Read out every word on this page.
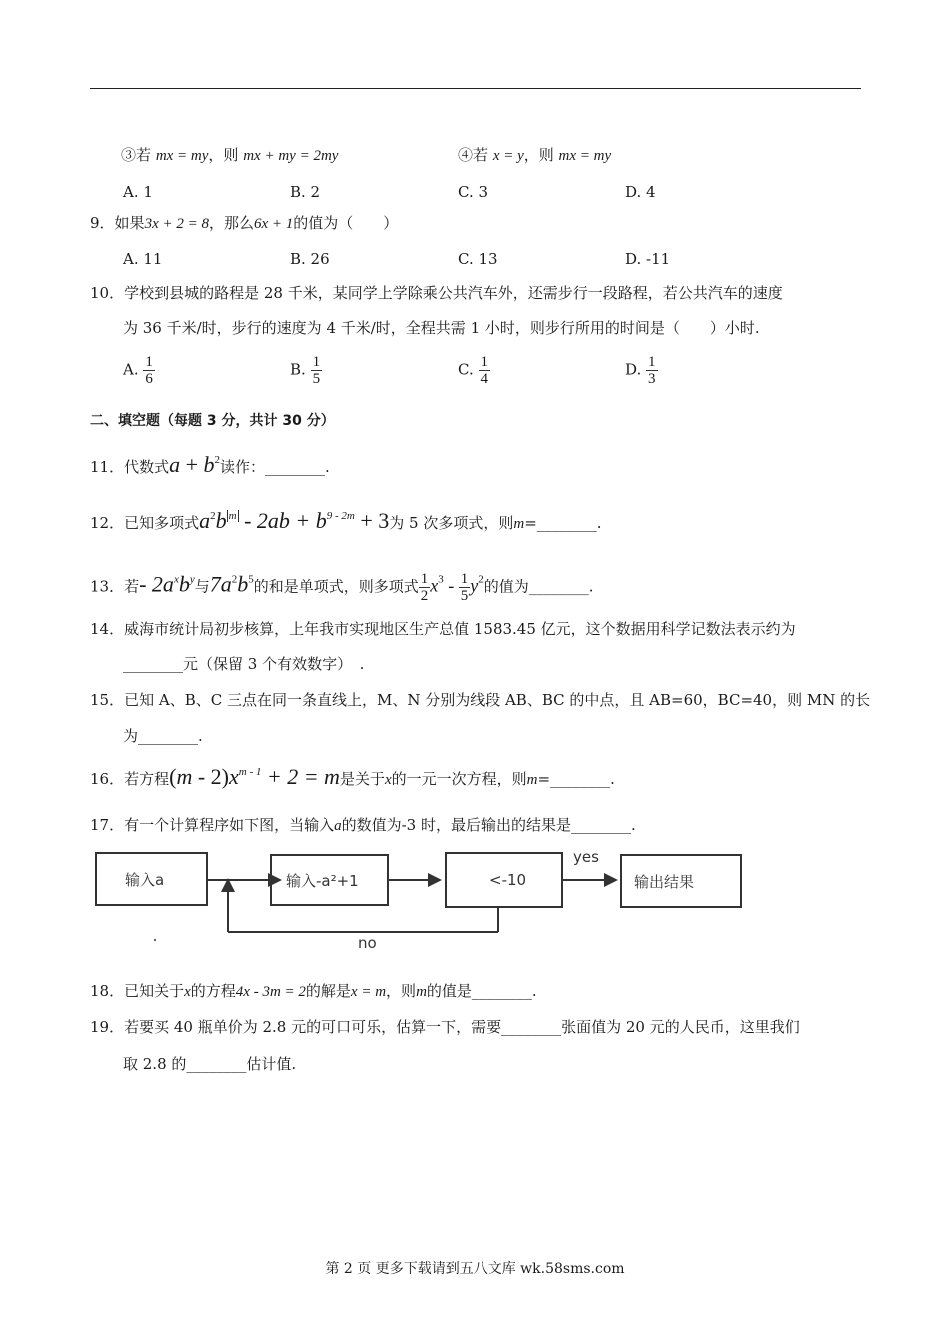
③若 mx = my，则 mx + my = 2my	④若 x = y，则 mx = my
A. 1	B. 2	C. 3	D. 4
9．如果3x + 2 = 8，那么6x + 1的值为（　　）
A. 11	B. 26	C. 13	D. -11
10．学校到县城的路程是 28 千米，某同学上学除乘公共汽车外，还需步行一段路程，若公共汽车的速度
为 36 千米/时，步行的速度为 4 千米/时，全程共需 1 小时，则步行所用的时间是（　　）小时.
A. $\frac{1}{6}$	B. $\frac{1}{5}$	C. $\frac{1}{4}$	D. $\frac{1}{3}$
二、填空题（每题 3 分，共计 30 分）
11．代数式$a + b^2$读作：________.
12．已知多项式$a^2b$ $^m - 2ab + b^{9 - 2m} + 3$为 5 次多项式，则m=________.
13．若- $2a^xb^y$与$7a^2b^5$的和是单项式，则多项式 $\frac{1}{2} x^3 - \frac{1}{5} y^2$的值为________.
14．威海市统计局初步核算，上年我市实现地区生产总值 1583.45 亿元，这个数据用科学记数法表示约为
________元（保留 3 个有效数字）　.
15．已知 A、B、C 三点在同一条直线上，M、N 分别为线段 AB、BC 的中点，且 AB=60，BC=40，则 MN 的长
为________.
16．若方程$(m - 2)x^{m - 1} + 2 = m$是关于x的一元一次方程，则m=________.
17．有一个计算程序如下图，当输入a的数值为-3 时，最后输出的结果是________.
输入a	输入-a²+1	<-10	输出结果
yes
no
18．已知关于x的方程4x - 3m = 2的解是x = m，则m的值是________.
19．若要买 40 瓶单价为 2.8 元的可口可乐，估算一下，需要________张面值为 20 元的人民币，这里我们
取 2.8 的________估计值.
第 2 页 更多下载请到五八文库 wk.58sms.com
